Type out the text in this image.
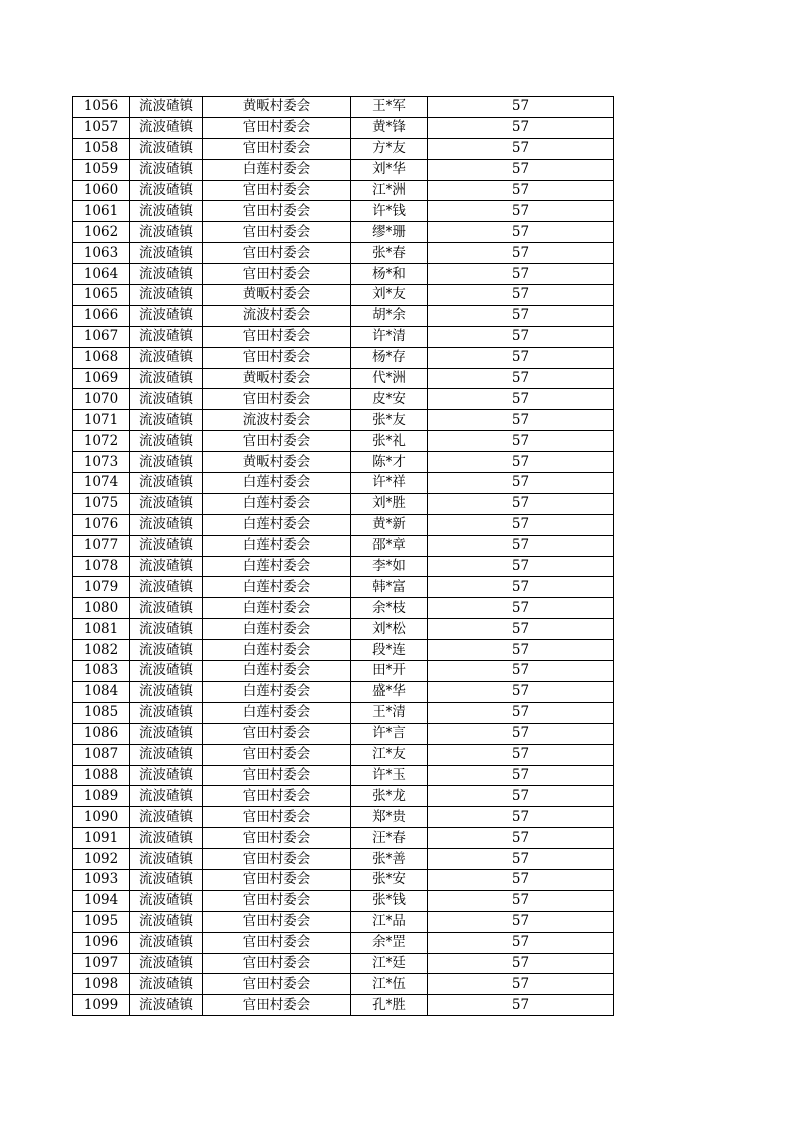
1056	流波碴镇	黄畈村委会	王*军	57
1057	流波碴镇	官田村委会	黄*锋	57
1058	流波碴镇	官田村委会	方*友	57
1059	流波碴镇	白莲村委会	刘*华	57
1060	流波碴镇	官田村委会	江*洲	57
1061	流波碴镇	官田村委会	许*钱	57
1062	流波碴镇	官田村委会	缪*珊	57
1063	流波碴镇	官田村委会	张*春	57
1064	流波碴镇	官田村委会	杨*和	57
1065	流波碴镇	黄畈村委会	刘*友	57
1066	流波碴镇	流波村委会	胡*余	57
1067	流波碴镇	官田村委会	许*清	57
1068	流波碴镇	官田村委会	杨*存	57
1069	流波碴镇	黄畈村委会	代*洲	57
1070	流波碴镇	官田村委会	皮*安	57
1071	流波碴镇	流波村委会	张*友	57
1072	流波碴镇	官田村委会	张*礼	57
1073	流波碴镇	黄畈村委会	陈*才	57
1074	流波碴镇	白莲村委会	许*祥	57
1075	流波碴镇	白莲村委会	刘*胜	57
1076	流波碴镇	白莲村委会	黄*新	57
1077	流波碴镇	白莲村委会	邵*章	57
1078	流波碴镇	白莲村委会	李*如	57
1079	流波碴镇	白莲村委会	韩*富	57
1080	流波碴镇	白莲村委会	余*枝	57
1081	流波碴镇	白莲村委会	刘*松	57
1082	流波碴镇	白莲村委会	段*连	57
1083	流波碴镇	白莲村委会	田*开	57
1084	流波碴镇	白莲村委会	盛*华	57
1085	流波碴镇	白莲村委会	王*清	57
1086	流波碴镇	官田村委会	许*言	57
1087	流波碴镇	官田村委会	江*友	57
1088	流波碴镇	官田村委会	许*玉	57
1089	流波碴镇	官田村委会	张*龙	57
1090	流波碴镇	官田村委会	郑*贵	57
1091	流波碴镇	官田村委会	汪*春	57
1092	流波碴镇	官田村委会	张*善	57
1093	流波碴镇	官田村委会	张*安	57
1094	流波碴镇	官田村委会	张*钱	57
1095	流波碴镇	官田村委会	江*品	57
1096	流波碴镇	官田村委会	余*罡	57
1097	流波碴镇	官田村委会	江*廷	57
1098	流波碴镇	官田村委会	江*伍	57
1099	流波碴镇	官田村委会	孔*胜	57
